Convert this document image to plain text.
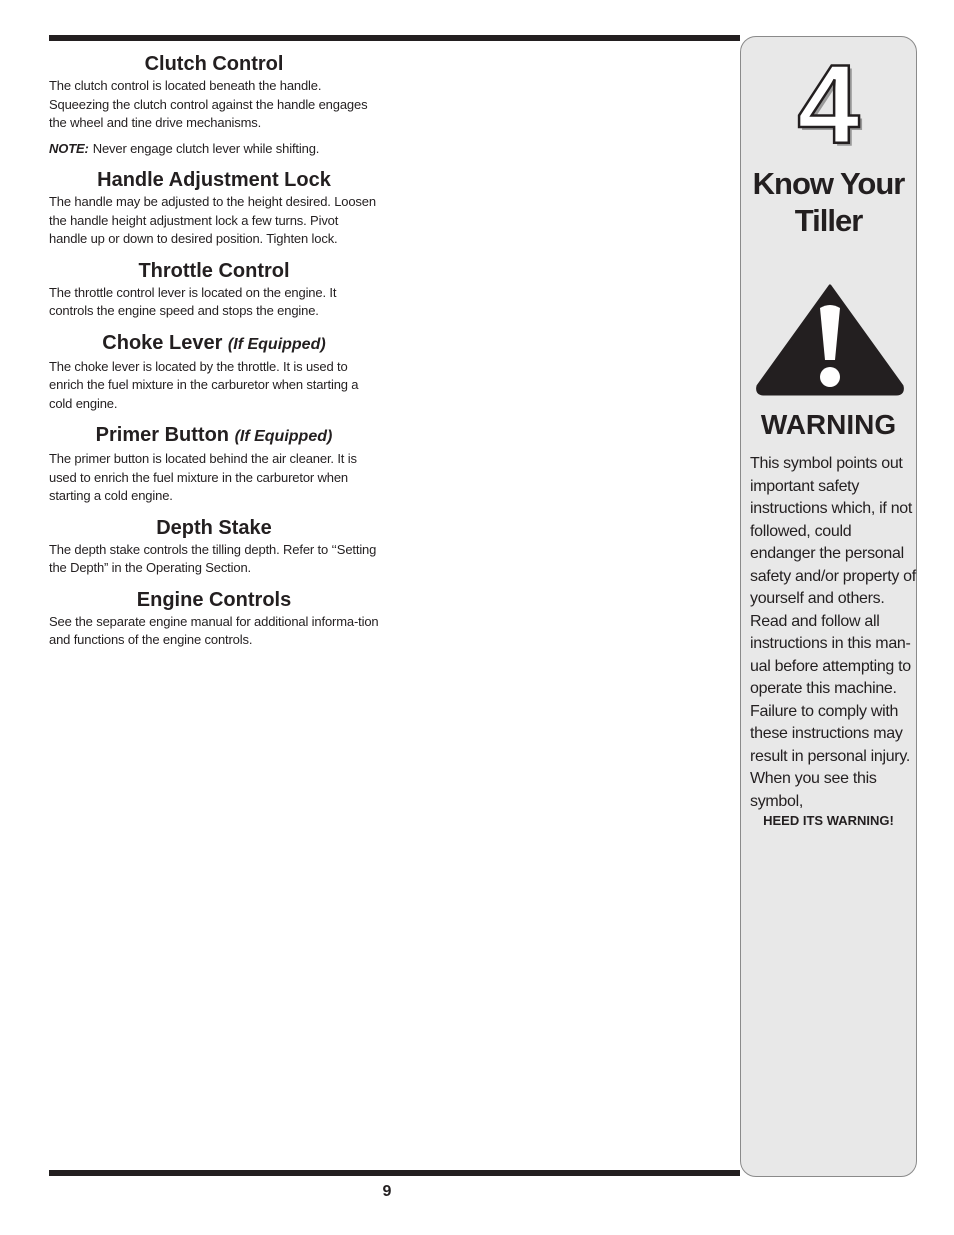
Clutch Control

The clutch control is located beneath the handle. Squeezing the clutch control against the handle engages the wheel and tine drive mechanisms.

NOTE: Never engage clutch lever while shifting.

Handle Adjustment Lock

The handle may be adjusted to the height desired. Loosen the handle height adjustment lock a few turns. Pivot handle up or down to desired position. Tighten lock.

Throttle Control

The throttle control lever is located on the engine. It controls the engine speed and stops the engine.

Choke Lever (If Equipped)

The choke lever is located by the throttle. It is used to enrich the fuel mixture in the carburetor when starting a cold engine.

Primer Button (If Equipped)

The primer button is located behind the air cleaner. It is used to enrich the fuel mixture in the carburetor when starting a cold engine.

Depth Stake

The depth stake controls the tilling depth. Refer to ‘‘Setting the Depth” in the Operating Section.

Engine Controls

See the separate engine manual for additional informa-tion and functions of the engine controls.

4
Know Your
Tiller
WARNING
This symbol points out important safety instructions which, if not followed, could endanger the personal safety and/or property of yourself and others. Read and follow all instructions in this man-ual before attempting to operate this machine. Failure to comply with these instructions may result in personal injury. When you see this symbol,
HEED ITS WARNING!
9
